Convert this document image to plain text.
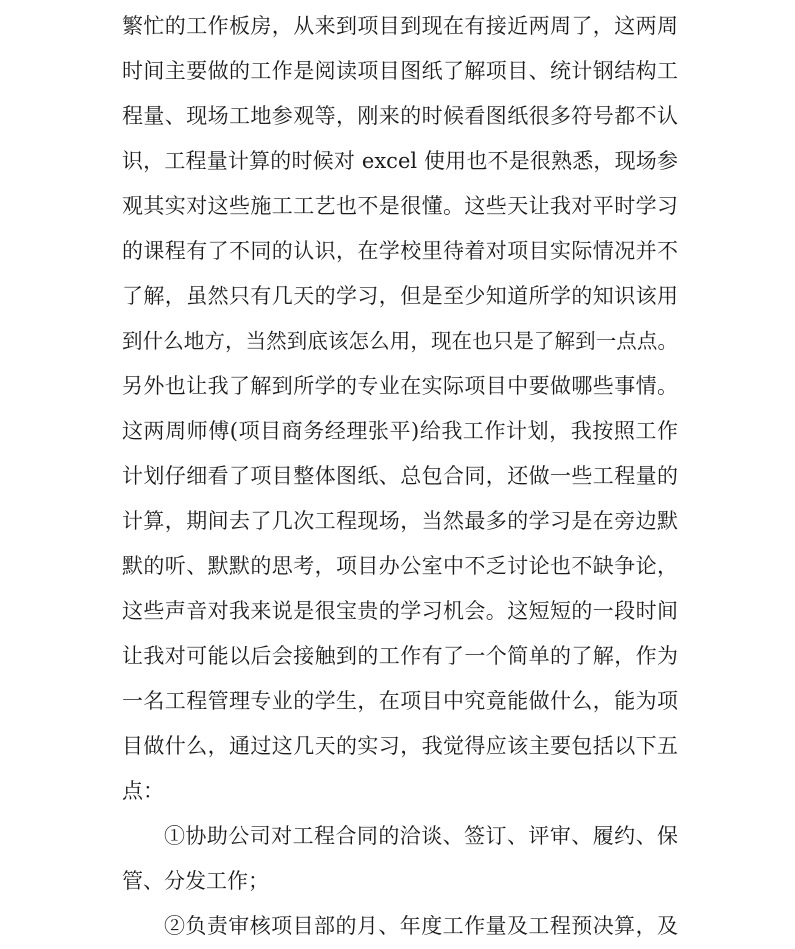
繁忙的工作板房，从来到项目到现在有接近两周了，这两周
时间主要做的工作是阅读项目图纸了解项目、统计钢结构工
程量、现场工地参观等，刚来的时候看图纸很多符号都不认
识，工程量计算的时候对 excel 使用也不是很熟悉，现场参
观其实对这些施工工艺也不是很懂。这些天让我对平时学习
的课程有了不同的认识，在学校里待着对项目实际情况并不
了解，虽然只有几天的学习，但是至少知道所学的知识该用
到什么地方，当然到底该怎么用，现在也只是了解到一点点。
另外也让我了解到所学的专业在实际项目中要做哪些事情。
这两周师傅(项目商务经理张平)给我工作计划，我按照工作
计划仔细看了项目整体图纸、总包合同，还做一些工程量的
计算，期间去了几次工程现场，当然最多的学习是在旁边默
默的听、默默的思考，项目办公室中不乏讨论也不缺争论，
这些声音对我来说是很宝贵的学习机会。这短短的一段时间
让我对可能以后会接触到的工作有了一个简单的了解，作为
一名工程管理专业的学生，在项目中究竟能做什么，能为项
目做什么，通过这几天的实习，我觉得应该主要包括以下五
点：
①协助公司对工程合同的洽谈、签订、评审、履约、保
管、分发工作；
②负责审核项目部的月、年度工作量及工程预决算，及
